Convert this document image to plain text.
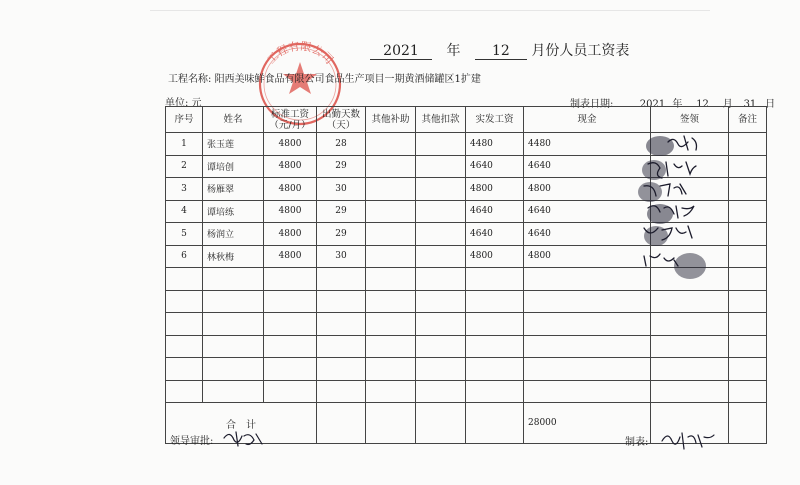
工程有限公司	2021 年 12 月份人员工资表
工程名称: 阳西美味鲜食品有限公司食品生产项目一期黄酒储罐区1扩建
单位: 元	制表日期:	2021 年 12 月 31 日
序号	姓名	标准工资（元/月）	出勤天数（天）	其他补助	其他扣款	实发工资	现金	签领	备注
1	张玉莲	4800	28			4480	4480		
2	谭培创	4800	29			4640	4640		
3	杨雁翠	4800	30			4800	4800		
4	谭培练	4800	29			4640	4640		
5	杨润立	4800	29			4640	4640		
6	林秋梅	4800	30			4800	4800		

合　计							28000		
领导审批:	制表:
